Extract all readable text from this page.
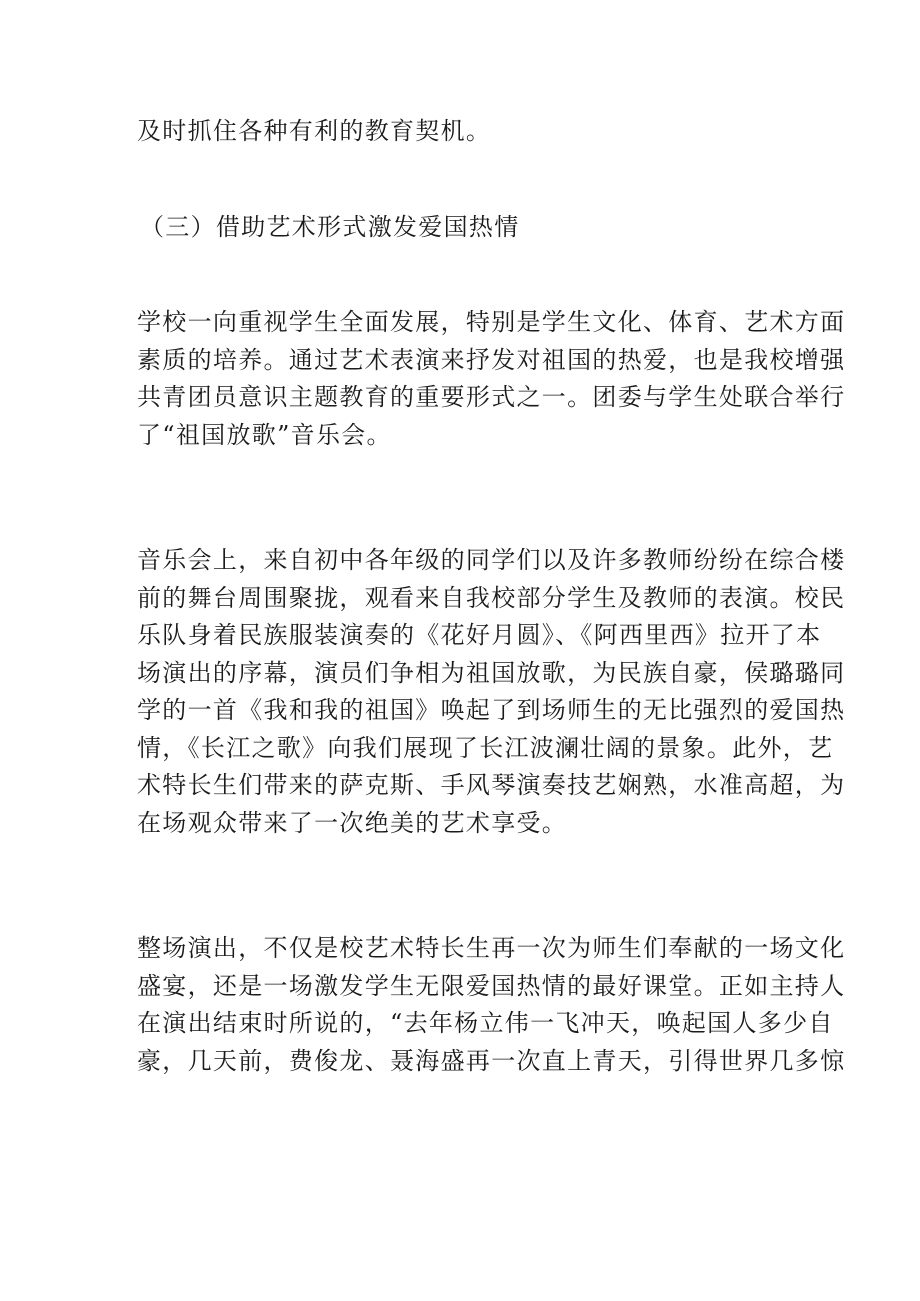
及时抓住各种有利的教育契机。
（三）借助艺术形式激发爱国热情
学校一向重视学生全面发展，特别是学生文化、体育、艺术方面
素质的培养。通过艺术表演来抒发对祖国的热爱，也是我校增强
共青团员意识主题教育的重要形式之一。团委与学生处联合举行
了“祖国放歌”音乐会。
音乐会上，来自初中各年级的同学们以及许多教师纷纷在综合楼
前的舞台周围聚拢，观看来自我校部分学生及教师的表演。校民
乐队身着民族服装演奏的《花好月圆》、《阿西里西》拉开了本
场演出的序幕，演员们争相为祖国放歌，为民族自豪，侯璐璐同
学的一首《我和我的祖国》唤起了到场师生的无比强烈的爱国热
情，《长江之歌》向我们展现了长江波澜壮阔的景象。此外，艺
术特长生们带来的萨克斯、手风琴演奏技艺娴熟，水准高超，为
在场观众带来了一次绝美的艺术享受。
整场演出，不仅是校艺术特长生再一次为师生们奉献的一场文化
盛宴，还是一场激发学生无限爱国热情的最好课堂。正如主持人
在演出结束时所说的，“去年杨立伟一飞冲天，唤起国人多少自
豪，几天前，费俊龙、聂海盛再一次直上青天，引得世界几多惊
